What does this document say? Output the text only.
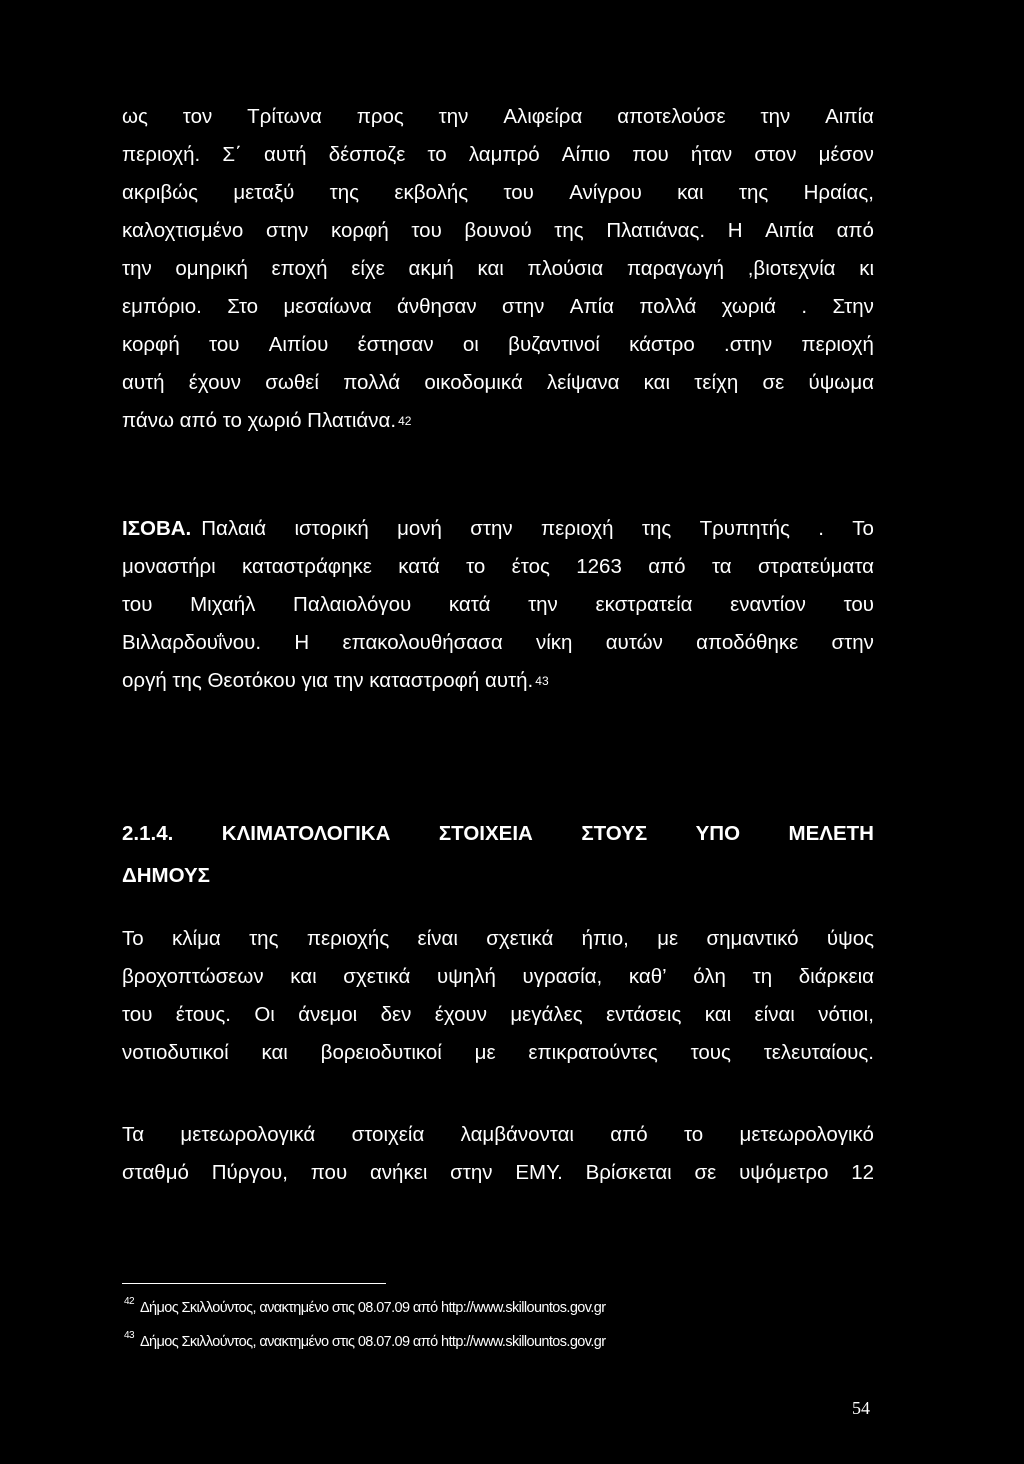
ως τον Τρίτωνα προς την Αλιφείρα αποτελούσε την Αιπία
περιοχή. Σ΄ αυτή δέσποζε το λαμπρό Αίπιο που ήταν στον μέσον
ακριβώς μεταξύ της εκβολής του Ανίγρου και της Ηραίας,
καλοχτισμένο στην κορφή του βουνού της Πλατιάνας. Η Αιπία από
την ομηρική εποχή είχε ακμή και πλούσια παραγωγή ,βιοτεχνία κι
εμπόριο. Στο μεσαίωνα άνθησαν στην Απία πολλά χωριά . Στην
κορφή του Αιπίου έστησαν οι βυζαντινοί κάστρο .στην περιοχή
αυτή έχουν σωθεί πολλά οικοδομικά λείψανα και τείχη σε ύψωμα
πάνω από το χωριό Πλατιάνα. 42
ΙΣΟΒΑ. Παλαιά ιστορική μονή στην περιοχή της Τρυπητής . Το
μοναστήρι καταστράφηκε κατά το έτος 1263 από τα στρατεύματα
του Μιχαήλ Παλαιολόγου κατά την εκστρατεία εναντίον του
Βιλλαρδουΐνου. Η επακολουθήσασα νίκη αυτών αποδόθηκε στην
οργή της Θεοτόκου για την καταστροφή αυτή. 43
2.1.4. ΚΛΙΜΑΤΟΛΟΓΙΚΑ ΣΤΟΙΧΕΙΑ ΣΤΟΥΣ ΥΠΟ ΜΕΛΕΤΗ
ΔΗΜΟΥΣ
Το κλίμα της περιοχής είναι σχετικά ήπιο, με σημαντικό ύψος
βροχοπτώσεων και σχετικά υψηλή υγρασία, καθ’ όλη τη διάρκεια
του έτους. Οι άνεμοι δεν έχουν μεγάλες εντάσεις και είναι νότιοι,
νοτιοδυτικοί και βορειοδυτικοί με επικρατούντες τους τελευταίους.
Τα μετεωρολογικά στοιχεία λαμβάνονται από το μετεωρολογικό
σταθμό Πύργου, που ανήκει στην ΕΜΥ. Βρίσκεται σε υψόμετρο 12
$^{42}$ Δήμος Σκιλλούντος, ανακτημένο στις 08.07.09 από http://www.skillountos.gov.gr
$^{43}$ Δήμος Σκιλλούντος, ανακτημένο στις 08.07.09 από http://www.skillountos.gov.gr
54
